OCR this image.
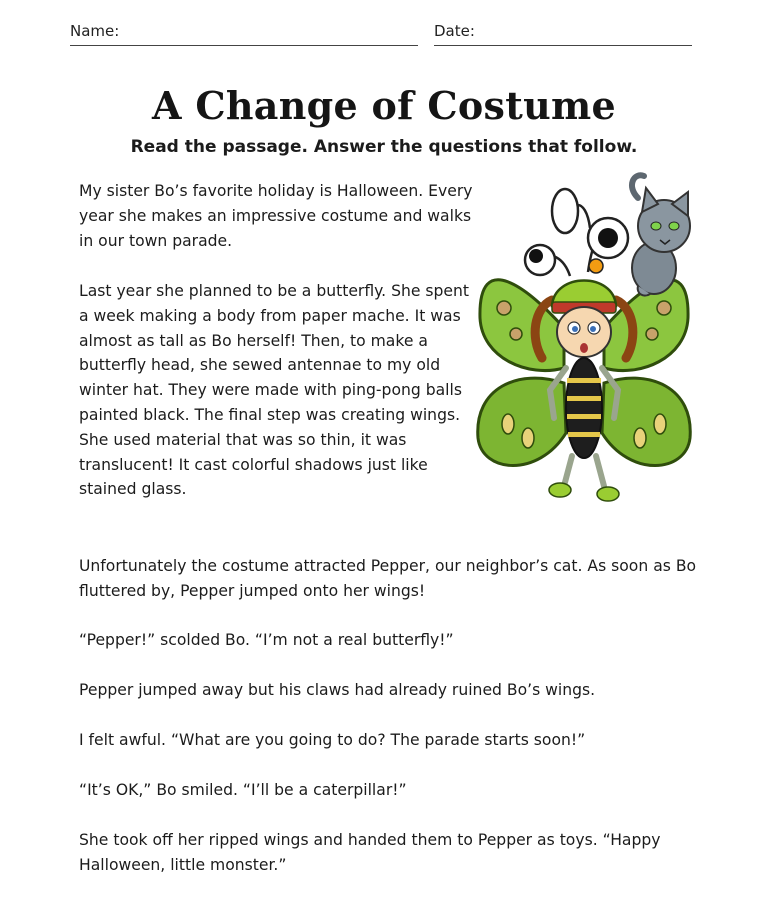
Name:	Date:
A Change of Costume

Read the passage. Answer the questions that follow.

My sister Bo’s favorite holiday is Halloween. Every year she makes an impressive costume and walks in our town parade.

Last year she planned to be a butterfly. She spent a week making a body from paper mache. It was almost as tall as Bo herself! Then, to make a butterfly head, she sewed antennae to my old winter hat. They were made with ping-pong balls painted black. The final step was creating wings. She used material that was so thin, it was translucent! It cast colorful shadows just like stained glass.

Unfortunately the costume attracted Pepper, our neighbor’s cat. As soon as Bo fluttered by, Pepper jumped onto her wings!

“Pepper!” scolded Bo. “I’m not a real butterfly!”

Pepper jumped away but his claws had already ruined Bo’s wings.

I felt awful. “What are you going to do? The parade starts soon!”

“It’s OK,” Bo smiled. “I’ll be a caterpillar!”

She took off her ripped wings and handed them to Pepper as toys. “Happy Halloween, little monster.”
